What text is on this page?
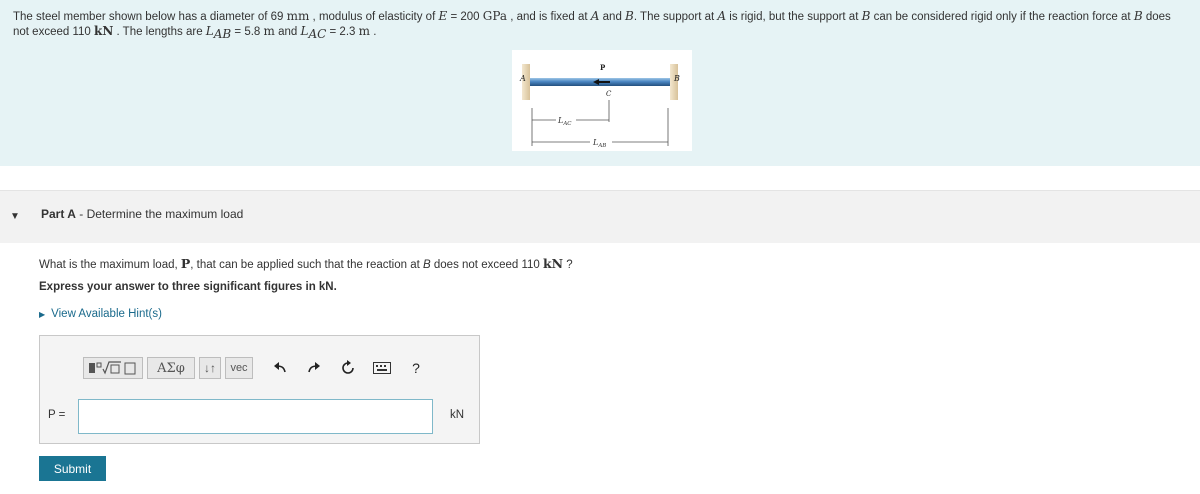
The steel member shown below has a diameter of 69 mm , modulus of elasticity of E = 200 GPa , and is fixed at A and B. The support at A is rigid, but the support at B can be considered rigid only if the reaction force at B does not exceed 110 kN . The lengths are $L_{AB} = 5.8$ m and $L_{AC} = 2.3$ m .
A	B
P
C
$L_{AC}$
$L_{AB}$
▼ Part A - Determine the maximum load
What is the maximum load, P, that can be applied such that the reaction at B does not exceed 110 kN ?
Express your answer to three significant figures in kN.
▶ View Available Hint(s)
ΑΣφ	↓↑	vec	?
P =	kN
Submit
